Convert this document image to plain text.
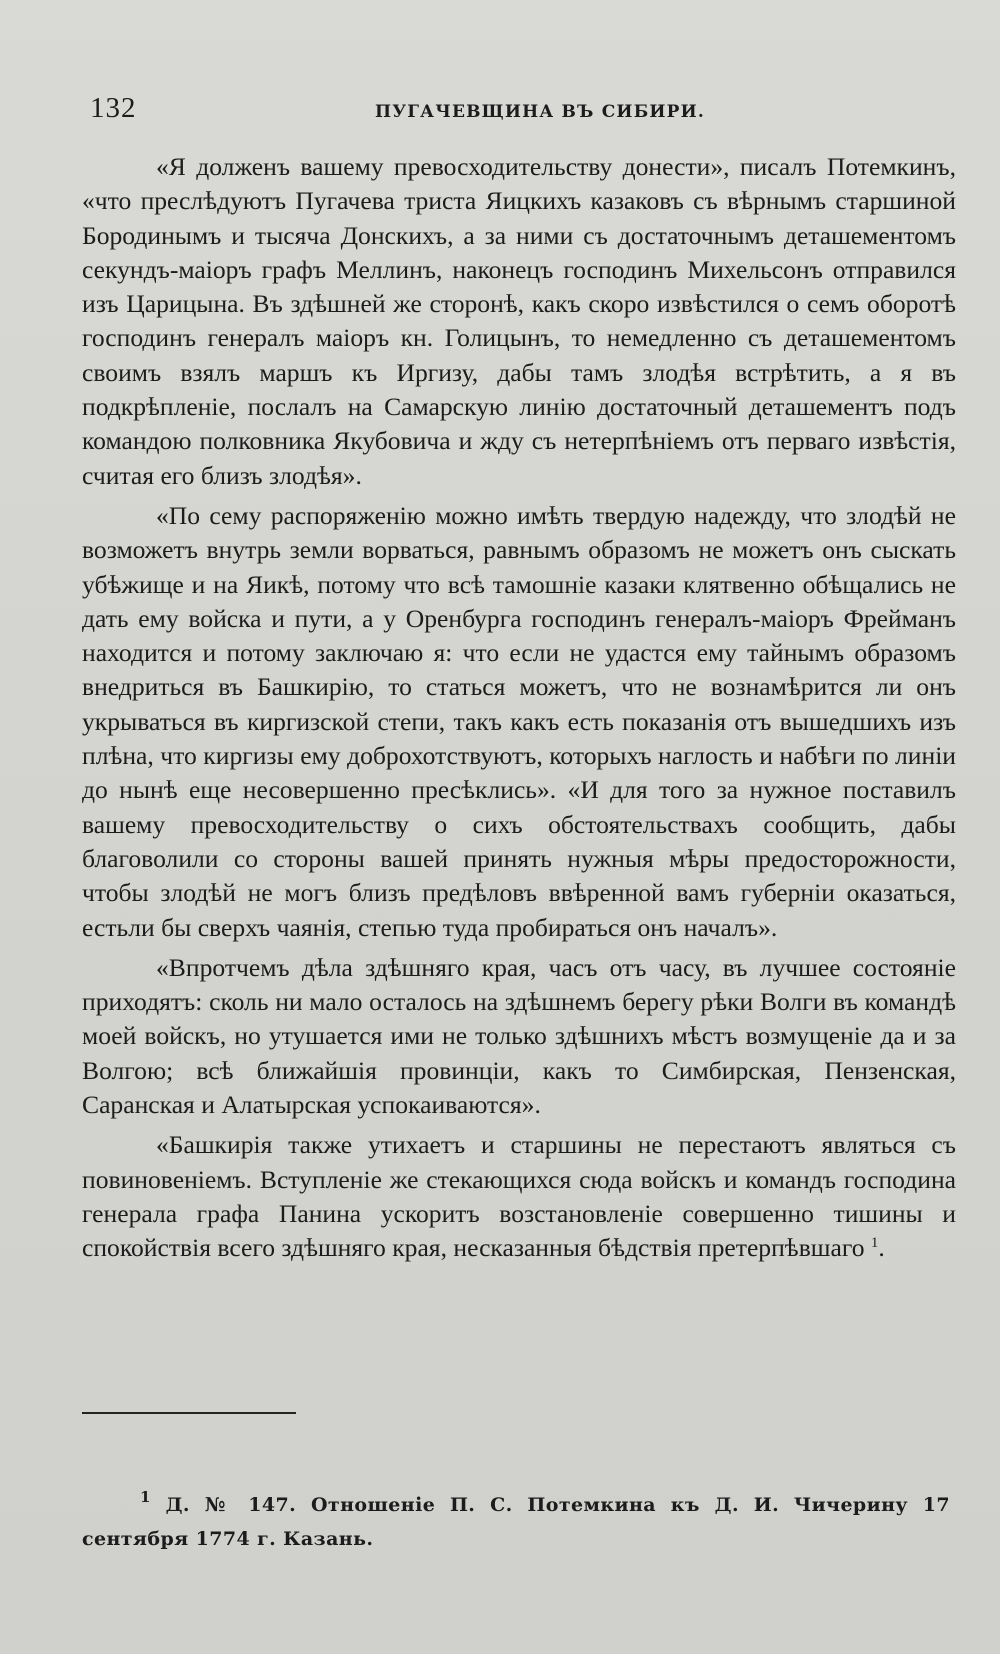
132	ПУГАЧЕВЩИНА ВЪ СИБИРИ.

«Я долженъ вашему превосходительству донести», писалъ Потемкинъ, «что преслѣдуютъ Пугачева триста Яицкихъ казаковъ съ вѣрнымъ старшиной Бородинымъ и тысяча Донскихъ, а за ними съ достаточнымъ деташементомъ секундъ-маіоръ графъ Меллинъ, наконецъ господинъ Михельсонъ отправился изъ Царицына. Въ здѣшней же сторонѣ, какъ скоро извѣстился о семъ оборотѣ господинъ генералъ маіоръ кн. Голицынъ, то немедленно съ деташементомъ своимъ взялъ маршъ къ Иргизу, дабы тамъ злодѣя встрѣтить, а я въ подкрѣпленіе, послалъ на Самарскую линію достаточный деташементъ подъ командою полковника Якубовича и жду съ нетерпѣніемъ отъ перваго извѣстія, считая его близъ злодѣя».

«По сему распоряженію можно имѣть твердую надежду, что злодѣй не возможетъ внутрь земли ворваться, равнымъ образомъ не можетъ онъ сыскать убѣжище и на Яикѣ, потому что всѣ тамошніе казаки клятвенно обѣщались не дать ему войска и пути, а у Оренбурга господинъ генералъ-маіоръ Фрейманъ находится и потому заключаю я: что если не удастся ему тайнымъ образомъ внедриться въ Башкирію, то статься можетъ, что не вознамѣрится ли онъ укрываться въ киргизской степи, такъ какъ есть показанія отъ вышедшихъ изъ плѣна, что киргизы ему доброхотствуютъ, которыхъ наглость и набѣги по линіи до нынѣ еще несовершенно пресѣклись». «И для того за нужное поставилъ вашему превосходительству о сихъ обстоятельствахъ сообщить, дабы благоволили со стороны вашей принять нужныя мѣры предосторожности, чтобы злодѣй не могъ близъ предѣловъ ввѣренной вамъ губерніи оказаться, естьли бы сверхъ чаянія, степью туда пробираться онъ началъ».

«Впротчемъ дѣла здѣшняго края, часъ отъ часу, въ лучшее состояніе приходятъ: сколь ни мало осталось на здѣшнемъ берегу рѣки Волги въ командѣ моей войскъ, но утушается ими не только здѣшнихъ мѣстъ возмущеніе да и за Волгою; всѣ ближайшія провинціи, какъ то Симбирская, Пензенская, Саранская и Алатырская успокаиваются».

«Башкирія также утихаетъ и старшины не перестаютъ являться съ повиновеніемъ. Вступленіе же стекающихся сюда войскъ и командъ господина генерала графа Панина ускоритъ возстановленіе совершенно тишины и спокойствія всего здѣшняго края, несказанныя бѣдствія претерпѣвшаго $^1$.

$^1$ Д. № 147. Отношеніе П. С. Потемкина къ Д. И. Чичерину 17 сентября 1774 г. Казань.
